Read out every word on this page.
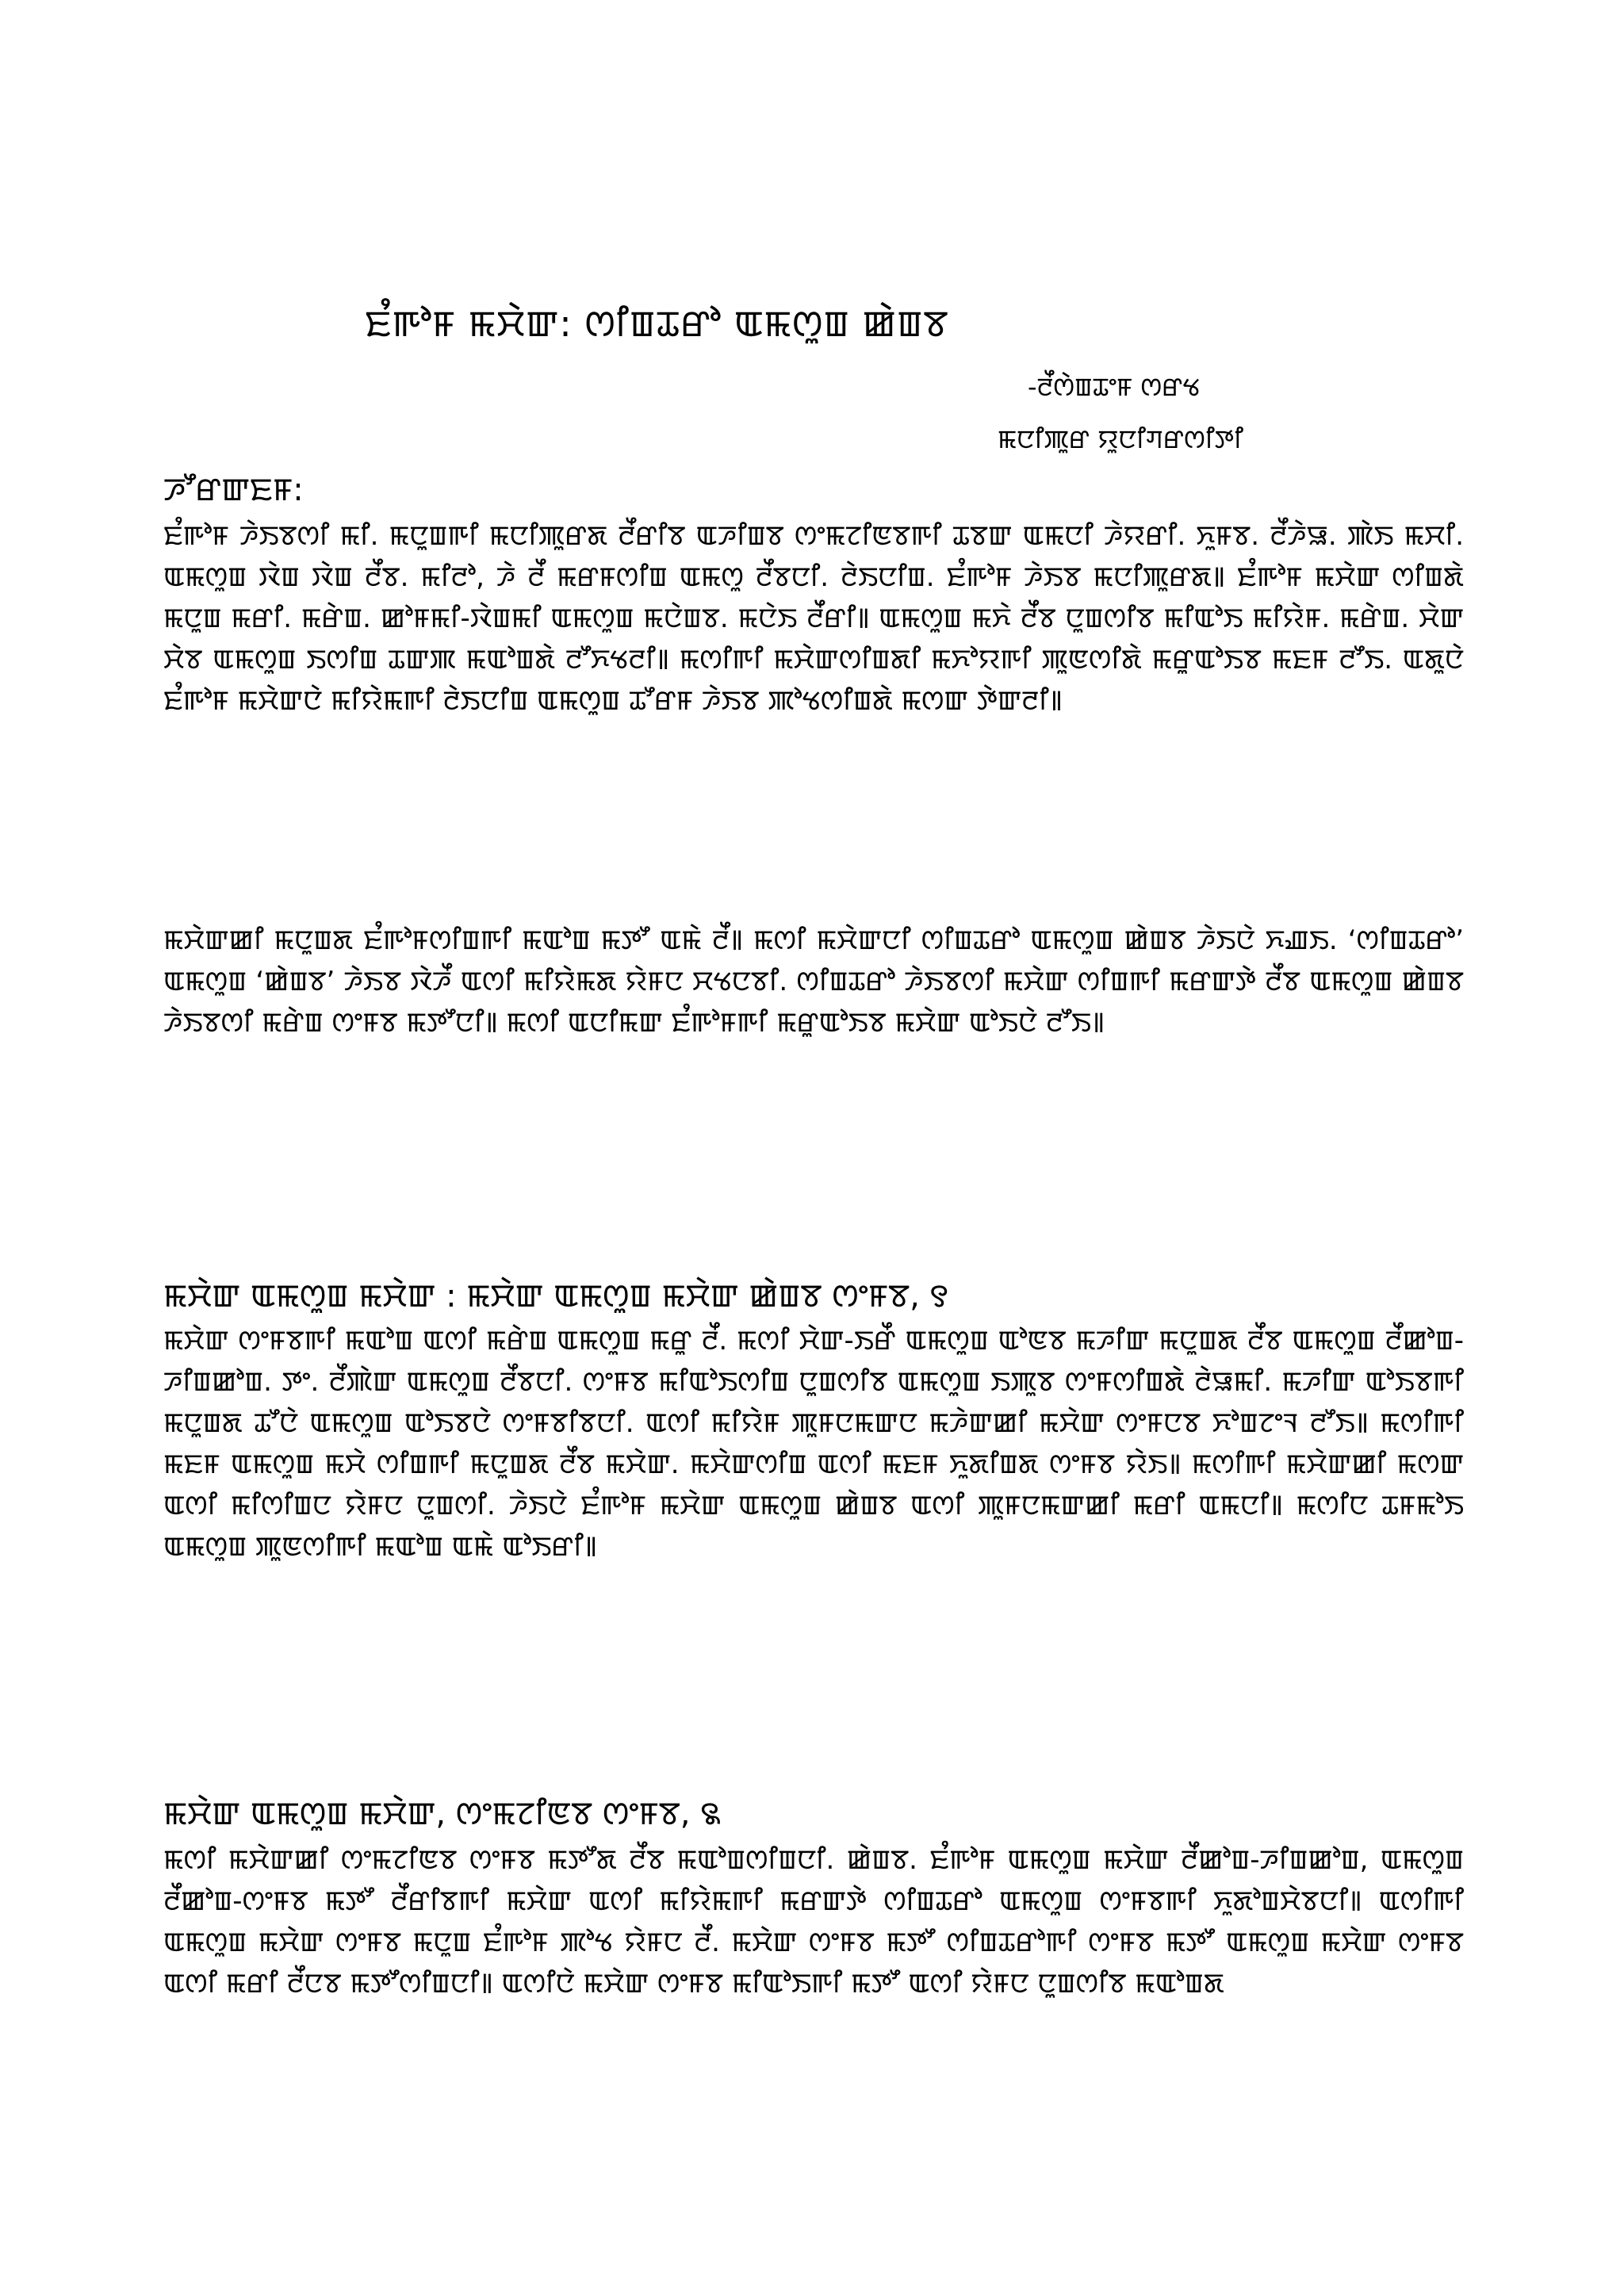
ꯐꯪꯒꯣꯝ ꯃꯆꯥꯛ: ꯁꯤꯡꯊꯔꯣ ꯑꯃꯁꯨꯡ ꯀꯥꯡꯕ
-ꯂꯩꯁꯥꯡꯊꯦꯝ ꯁꯔꯠ
ꯃꯅꯤꯄꯨꯔ ꯌꯨꯅꯤꯚꯔꯁꯤꯇꯤ
ꯍꯧꯔꯛꯐꯝ:
ꯐꯪꯒꯣꯝ ꯍꯥꯏꯕꯁꯤ ꯃꯤ. ꯃꯅꯨꯡꯒꯤ ꯃꯅꯤꯄꯨꯔꯗ ꯂꯩꯔꯤꯕ ꯑꯍꯤꯡꯕ ꯁꯦꯃꯖꯤꯟꯕꯒꯤ ꯊꯕꯛ ꯑꯃꯅꯤ ꯍꯥꯌꯔꯤ. ꯈꯨꯝꯕ. ꯂꯩꯍꯥꯎ. ꯄꯥꯏ ꯃꯆꯤ. ꯑꯃꯁꯨꯡ ꯋꯥꯡ ꯋꯥꯡ ꯂꯩꯕ. ꯃꯤꯂꯣ, ꯍꯥ ꯂꯩ ꯃꯔꯝꯁꯤꯡ ꯑꯃꯁꯨ ꯂꯩꯕꯅꯤ. ꯂꯥꯏꯅꯤꯡ. ꯐꯪꯒꯣꯝ ꯍꯥꯏꯕ ꯃꯅꯤꯄꯨꯔꯗ꯫ ꯐꯪꯒꯣꯝ ꯃꯆꯥꯛ ꯁꯤꯡꯗꯥ ꯃꯅꯨꯡ ꯃꯔꯤ. ꯃꯔꯥꯡ. ꯀꯣꯝꯃꯤ-ꯋꯥꯡꯃꯤ ꯑꯃꯁꯨꯡ ꯃꯅꯥꯡꯕ. ꯃꯅꯥꯏ ꯂꯩꯔꯤ꯫ ꯑꯃꯁꯨꯡ ꯃꯈꯥ ꯂꯩꯕ ꯅꯨꯡꯁꯤꯕ ꯃꯤꯑꯣꯏ ꯃꯤꯌꯥꯝ. ꯃꯔꯥꯡ. ꯆꯥꯛ ꯆꯥꯕ ꯑꯃꯁꯨꯡ ꯏꯁꯤꯡ ꯊꯛꯄ ꯃꯑꯣꯡꯗꯥ ꯂꯧꯈꯠꯂꯤ꯫ ꯃꯁꯤꯒꯤ ꯃꯆꯥꯛꯁꯤꯡꯗꯤ ꯃꯈꯣꯌꯒꯤ ꯄꯨꯟꯁꯤꯗꯥ ꯃꯔꯨꯑꯣꯏꯕ ꯃꯐꯝ ꯂꯧꯏ. ꯑꯗꯨꯅꯥ ꯐꯪꯒꯣꯝ ꯃꯆꯥꯛꯅꯥ ꯃꯤꯌꯥꯃꯒꯤ ꯂꯥꯏꯅꯤꯡ ꯑꯃꯁꯨꯡ ꯊꯧꯔꯝ ꯍꯥꯏꯕ ꯄꯣꯠꯁꯤꯡꯗꯥ ꯃꯁꯛ ꯇꯥꯛꯂꯤ꯫
ꯃꯆꯥꯛꯀꯤ ꯃꯅꯨꯡꯗ ꯐꯪꯒꯣꯝꯁꯤꯡꯒꯤ ꯃꯑꯣꯡ ꯃꯇꯧ ꯑꯃꯥ ꯂꯩ꯫ ꯃꯁꯤ ꯃꯆꯥꯛꯅꯤ ꯁꯤꯡꯊꯔꯣ ꯑꯃꯁꯨꯡ ꯀꯥꯡꯕ ꯍꯥꯏꯅꯥ ꯈꯉꯏ. ‘ꯁꯤꯡꯊꯔꯣ’ ꯑꯃꯁꯨꯡ ‘ꯀꯥꯡꯕ’ ꯍꯥꯏꯕ ꯋꯥꯍꯩ ꯑꯁꯤ ꯃꯤꯌꯥꯃꯗ ꯌꯥꯝꯅ ꯆꯠꯅꯕꯤ. ꯁꯤꯡꯊꯔꯣ ꯍꯥꯏꯕꯁꯤ ꯃꯆꯥꯛ ꯁꯤꯡꯒꯤ ꯃꯔꯛꯇꯥ ꯂꯩꯕ ꯑꯃꯁꯨꯡ ꯀꯥꯡꯕ ꯍꯥꯏꯕꯁꯤ ꯃꯔꯥꯡ ꯁꯦꯝꯕ ꯃꯇꯧꯅꯤ꯫ ꯃꯁꯤ ꯑꯅꯤꯃꯛ ꯐꯪꯒꯣꯝꯒꯤ ꯃꯔꯨꯑꯣꯏꯕ ꯃꯆꯥꯛ ꯑꯣꯏꯅꯥ ꯂꯧꯏ꯫
ꯃꯆꯥꯛ ꯑꯃꯁꯨꯡ ꯃꯆꯥꯛ : ꯃꯆꯥꯛ ꯑꯃꯁꯨꯡ ꯃꯆꯥꯛ ꯀꯥꯡꯕ ꯁꯦꯝꯕ, ꯱
ꯃꯆꯥꯛ ꯁꯦꯝꯕꯒꯤ ꯃꯑꯣꯡ ꯑꯁꯤ ꯃꯔꯥꯡ ꯑꯃꯁꯨꯡ ꯃꯔꯨ ꯂꯩ. ꯃꯁꯤ ꯆꯥꯛ-ꯏꯔꯩ ꯑꯃꯁꯨꯡ ꯑꯣꯟꯕ ꯃꯍꯤꯛ ꯃꯅꯨꯡꯗ ꯂꯩꯕ ꯑꯃꯁꯨꯡ ꯂꯩꯀꯣꯡ-ꯍꯤꯡꯀꯣꯡ. ꯇꯦ. ꯂꯩꯄꯥꯛ ꯑꯃꯁꯨꯡ ꯂꯩꯕꯅꯤ. ꯁꯦꯝꯕ ꯃꯤꯑꯣꯏꯁꯤꯡ ꯅꯨꯡꯁꯤꯕ ꯑꯃꯁꯨꯡ ꯏꯄꯨꯕ ꯁꯦꯝꯁꯤꯡꯗꯥ ꯂꯥꯎꯃꯤ. ꯃꯍꯤꯛ ꯑꯣꯏꯕꯒꯤ ꯃꯅꯨꯡꯗ ꯊꯧꯅꯥ ꯑꯃꯁꯨꯡ ꯑꯣꯏꯕꯅꯥ ꯁꯦꯝꯕꯤꯕꯅꯤ. ꯑꯁꯤ ꯃꯤꯌꯥꯝ ꯄꯨꯝꯅꯃꯛꯅ ꯃꯍꯥꯛꯀꯤ ꯃꯆꯥꯛ ꯁꯦꯝꯅꯕ ꯈꯣꯡꯖꯦꯜ ꯂꯧꯏ꯫ ꯃꯁꯤꯒꯤ ꯃꯐꯝ ꯑꯃꯁꯨꯡ ꯃꯆꯥ ꯁꯤꯡꯒꯤ ꯃꯅꯨꯡꯗ ꯂꯩꯕ ꯃꯆꯥꯛ. ꯃꯆꯥꯛꯁꯤꯡ ꯑꯁꯤ ꯃꯐꯝ ꯈꯨꯗꯤꯡꯗ ꯁꯦꯝꯕ ꯌꯥꯏ꯫ ꯃꯁꯤꯒꯤ ꯃꯆꯥꯛꯀꯤ ꯃꯁꯛ ꯑꯁꯤ ꯃꯤꯁꯤꯡꯅ ꯌꯥꯝꯅ ꯅꯨꯡꯁꯤ. ꯍꯥꯏꯅꯥ ꯐꯪꯒꯣꯝ ꯃꯆꯥꯛ ꯑꯃꯁꯨꯡ ꯀꯥꯡꯕ ꯑꯁꯤ ꯄꯨꯝꯅꯃꯛꯀꯤ ꯃꯔꯤ ꯑꯃꯅꯤ꯫ ꯃꯁꯤꯅ ꯊꯝꯃꯣꯏ ꯑꯃꯁꯨꯡ ꯄꯨꯟꯁꯤꯒꯤ ꯃꯑꯣꯡ ꯑꯃꯥ ꯑꯣꯏꯔꯤ꯫
ꯃꯆꯥꯛ ꯑꯃꯁꯨꯡ ꯃꯆꯥꯛ, ꯁꯦꯃꯖꯤꯟꯕ ꯁꯦꯝꯕ, ꯲
ꯃꯁꯤ ꯃꯆꯥꯛꯀꯤ ꯁꯦꯃꯖꯤꯟꯕ ꯁꯦꯝꯕ ꯃꯇꯧꯗ ꯂꯩꯕ ꯃꯑꯣꯡꯁꯤꯡꯅꯤ. ꯀꯥꯡꯕ. ꯐꯪꯒꯣꯝ ꯑꯃꯁꯨꯡ ꯃꯆꯥꯛ ꯂꯩꯀꯣꯡ-ꯍꯤꯡꯀꯣꯡ, ꯑꯃꯁꯨꯡ ꯂꯩꯀꯣꯡ-ꯁꯦꯝꯕ ꯃꯇꯧ ꯂꯩꯔꯤꯕꯒꯤ ꯃꯆꯥꯛ ꯑꯁꯤ ꯃꯤꯌꯥꯃꯒꯤ ꯃꯔꯛꯇꯥ ꯁꯤꯡꯊꯔꯣ ꯑꯃꯁꯨꯡ ꯁꯦꯝꯕꯒꯤ ꯈꯨꯗꯣꯡꯆꯥꯕꯅꯤ꯫ ꯑꯁꯤꯒꯤ ꯑꯃꯁꯨꯡ ꯃꯆꯥꯛ ꯁꯦꯝꯕ ꯃꯅꯨꯡ ꯐꯪꯒꯣꯝ ꯄꯣꯠ ꯌꯥꯝꯅ ꯂꯩ. ꯃꯆꯥꯛ ꯁꯦꯝꯕ ꯃꯇꯧ ꯁꯤꯡꯊꯔꯣꯒꯤ ꯁꯦꯝꯕ ꯃꯇꯧ ꯑꯃꯁꯨꯡ ꯃꯆꯥꯛ ꯁꯦꯝꯕ ꯑꯁꯤ ꯃꯔꯤ ꯂꯩꯅꯕ ꯃꯇꯧꯁꯤꯡꯅꯤ꯫ ꯑꯁꯤꯅꯥ ꯃꯆꯥꯛ ꯁꯦꯝꯕ ꯃꯤꯑꯣꯏꯒꯤ ꯃꯇꯧ ꯑꯁꯤ ꯌꯥꯝꯅ ꯅꯨꯡꯁꯤꯕ ꯃꯑꯣꯡꯗ
